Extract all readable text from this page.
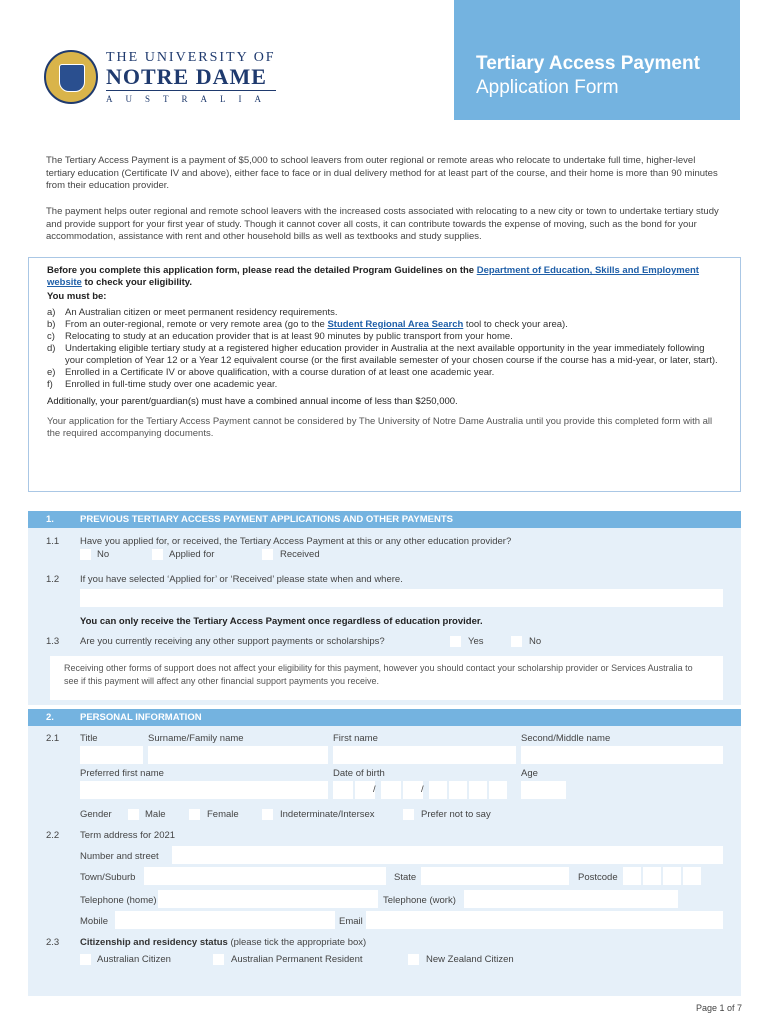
THE UNIVERSITY OF
NOTRE DAME
AUSTRALIA
Tertiary Access Payment
Application Form

The Tertiary Access Payment is a payment of $5,000 to school leavers from outer regional or remote areas who relocate to undertake full time, higher-level tertiary education (Certificate IV and above), either face to face or in dual delivery method for at least part of the course, and their home is more than 90 minutes from their education provider.

The payment helps outer regional and remote school leavers with the increased costs associated with relocating to a new city or town to undertake tertiary study and provide support for your first year of study. Though it cannot cover all costs, it can contribute towards the expense of moving, such as the bond for your accommodation, assistance with rent and other household bills as well as textbooks and study supplies.

Before you complete this application form, please read the detailed Program Guidelines on the Department of Education, Skills and Employment website to check your eligibility.

You must be:

a)	An Australian citizen or meet permanent residency requirements.
b)	From an outer-regional, remote or very remote area (go to the Student Regional Area Search tool to check your area).
c)	Relocating to study at an education provider that is at least 90 minutes by public transport from your home.
d)	Undertaking eligible tertiary study at a registered higher education provider in Australia at the next available opportunity in the year immediately following your completion of Year 12 or a Year 12 equivalent course (or the first available semester of your chosen course if the course has a mid-year, or later, start).
e)	Enrolled in a Certificate IV or above qualification, with a course duration of at least one academic year.
f)	Enrolled in full-time study over one academic year.

Additionally, your parent/guardian(s) must have a combined annual income of less than $250,000.

Your application for the Tertiary Access Payment cannot be considered by The University of Notre Dame Australia until you provide this completed form with all the required accompanying documents.

1.	PREVIOUS TERTIARY ACCESS PAYMENT APPLICATIONS AND OTHER PAYMENTS
1.1 Have you applied for, or received, the Tertiary Access Payment at this or any other education provider?
No	Applied for	Received
1.2 If you have selected ‘Applied for’ or ‘Received’ please state when and where.
You can only receive the Tertiary Access Payment once regardless of education provider.
1.3 Are you currently receiving any other support payments or scholarships?	Yes	No
Receiving other forms of support does not affect your eligibility for this payment, however you should contact your scholarship provider or Services Australia to see if this payment will affect any other financial support payments you receive.
2.	PERSONAL INFORMATION
2.1 Title	Surname/Family name	First name	Second/Middle name
Preferred first name	Date of birth	Age
/	/
Gender	Male	Female	Indeterminate/Intersex	Prefer not to say
2.2 Term address for 2021
Number and street
Town/Suburb	State	Postcode
Telephone (home)	Telephone (work)
Mobile	Email
2.3 Citizenship and residency status (please tick the appropriate box)
Australian Citizen	Australian Permanent Resident	New Zealand Citizen
Page 1 of 7
